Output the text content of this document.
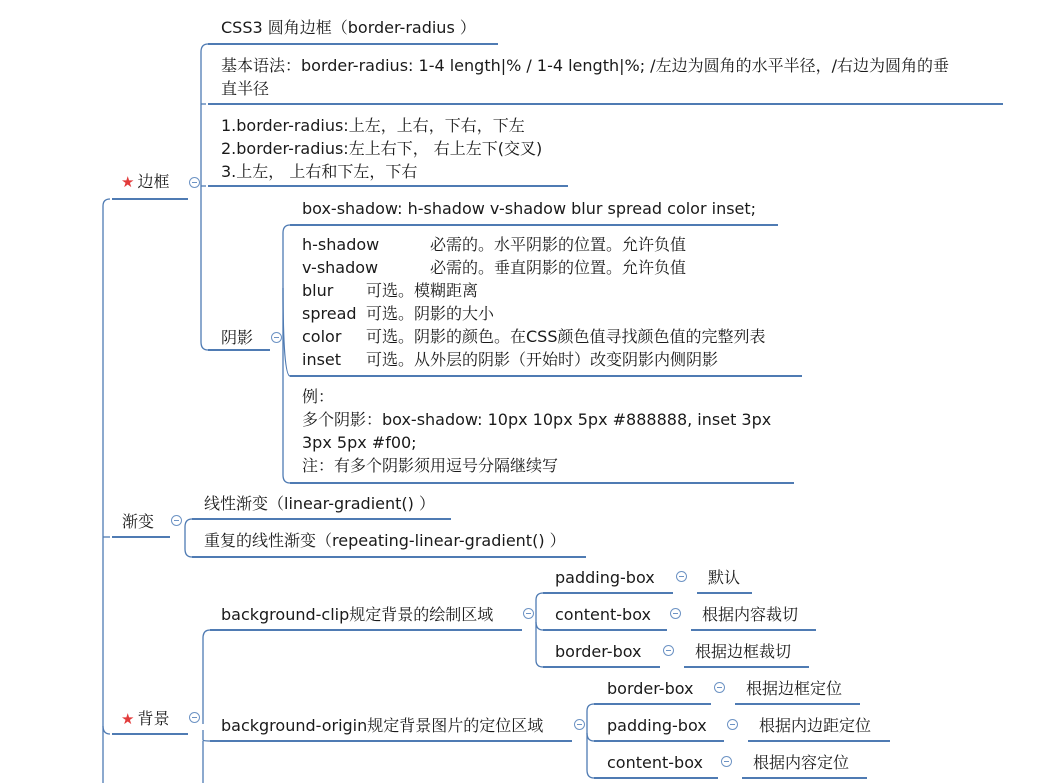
★ 边框
CSS3 圆角边框（border-radius ）
基本语法：border-radius: 1-4 length|% / 1-4 length|%; /左边为圆角的水平半径，/右边为圆角的垂
直半径
1.border-radius:上左，上右，下右，下左
2.border-radius:左上右下， 右上左下(交叉)
3.上左， 上右和下左，下右
阴影
box-shadow: h-shadow v-shadow blur spread color inset;
h-shadow	必需的。水平阴影的位置。允许负值
v-shadow	必需的。垂直阴影的位置。允许负值
blur 可选。模糊距离
spread 可选。阴影的大小
color 可选。阴影的颜色。在CSS颜色值寻找颜色值的完整列表
inset 可选。从外层的阴影（开始时）改变阴影内侧阴影
例：
多个阴影：box-shadow: 10px 10px 5px #888888, inset 3px
3px 5px #f00;
注：有多个阴影须用逗号分隔继续写
渐变
线性渐变（linear-gradient() ）
重复的线性渐变（repeating-linear-gradient() ）
★ 背景
background-clip规定背景的绘制区域
background-origin规定背景图片的定位区域
padding-box	默认
content-box	根据内容裁切
border-box	根据边框裁切
border-box	根据边框定位
padding-box	根据内边距定位
content-box	根据内容定位
